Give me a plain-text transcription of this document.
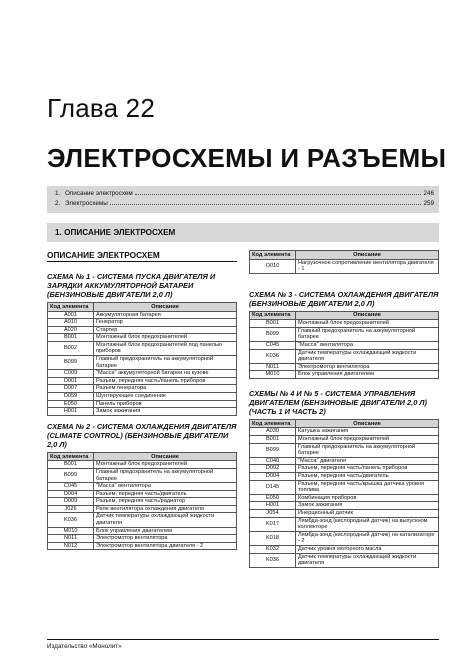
Глава 22
ЭЛЕКТРОСХЕМЫ И РАЗЪЕМЫ
1. Описание электросхем	246
2. Электросхемы	259
1. ОПИСАНИЕ ЭЛЕКТРОСХЕМ
ОПИСАНИЕ ЭЛЕКТРОСХЕМ
СХЕМА № 1 - СИСТЕМА ПУСКА ДВИГАТЕЛЯ И ЗАРЯДКИ АККУМУЛЯТОРНОЙ БАТАРЕИ (БЕНЗИНОВЫЕ ДВИГАТЕЛИ 2,0 Л)
Код элемента	Описание
A001	Аккумуляторная батарея
A010	Генератор
A020	Стартер
B001	Монтажный блок предохранителей
B002	Монтажный блок предохранителей под панелью приборов
B099	Главный предохранитель на аккумуляторной батарее
C009	"Масса" аккумуляторной батареи на кузове
D001	Разъем, передняя часть/панель приборов
D007	Разъем генератора
D059	Шунтирующее соединение
E050	Панель приборов
H001	Замок зажигания
СХЕМА № 2 - СИСТЕМА ОХЛАЖДЕНИЯ ДВИГАТЕЛЯ (CLIMATE CONTROL) (БЕНЗИНОВЫЕ ДВИГАТЕЛИ 2,0 Л)
Код элемента	Описание
B001	Монтажный блок предохранителей
B099	Главный предохранитель на аккумуляторной батарее
C045	"Масса" вентилятора
D004	Разъем, передняя часть/двигатель
D009	Разъем, передняя часть/радиатор
J026	Реле вентилятора охлаждения двигателя
K036	Датчик температуры охлаждающей жидкости двигателя
M010	Блок управления двигателем
N011	Электромотор вентилятора
N012	Электромотор вентилятора двигателя - 2
Код элемента	Описание
O010	Нагрузочное сопротивление вентилятора двигателя - 1
СХЕМА № 3 - СИСТЕМА ОХЛАЖДЕНИЯ ДВИГАТЕЛЯ (БЕНЗИНОВЫЕ ДВИГАТЕЛИ 2,0 Л)
Код элемента	Описание
B001	Монтажный блок предохранителей
B099	Главный предохранитель на аккумуляторной батарее
C045	"Масса" вентилятора
K036	Датчик температуры охлаждающей жидкости двигателя
N011	Электромотор вентилятора
M010	Блок управления двигателем
СХЕМЫ № 4 И № 5 - СИСТЕМА УПРАВЛЕНИЯ ДВИГАТЕЛЕМ (БЕНЗИНОВЫЕ ДВИГАТЕЛИ 2,0 Л) (ЧАСТЬ 1 И ЧАСТЬ 2)
Код элемента	Описание
A030	Катушка зажигания
B001	Монтажный блок предохранителей
B099	Главный предохранитель на аккумуляторной батарее
C040	"Масса" двигателя
D002	Разъем, передняя часть/панель приборов
D004	Разъем, передняя часть/двигатель
D145	Разъем, передняя часть/крышка датчика уровня топлива
E050	Комбинация приборов
H001	Замок зажигания
J054	Инерционный датчик
K017	Лямбда-зонд (кислородный датчик) на выпускном коллекторе
K018	Лямбда-зонд (кислородный датчик) на катализаторе - 2
K032	Датчик уровня моторного масла
K036	Датчик температуры охлаждающей жидкости двигателя
Издательство «Монолит»
